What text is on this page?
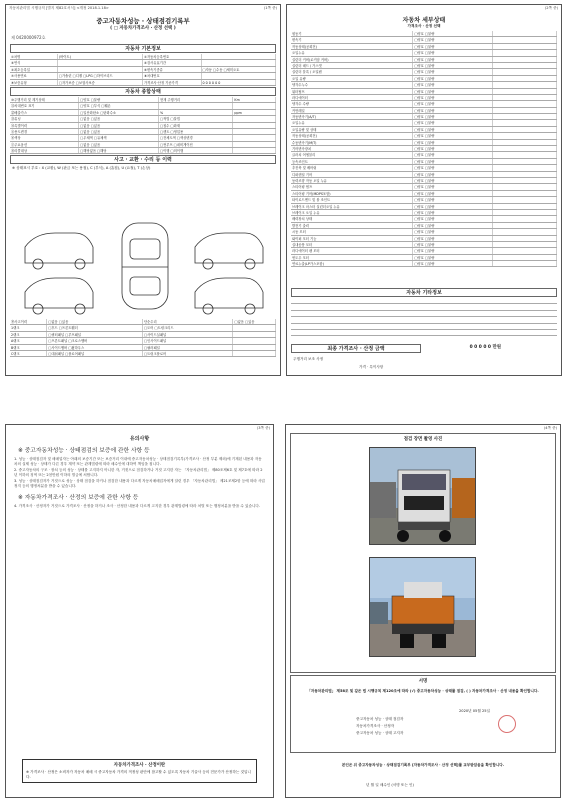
자동차관리법 시행규칙 [별지 제82호서식] <개정 2018.1.18>	(1쪽 중)
중고자동차성능 · 상태점검기록부
( □ 자동차가격조사 · 산정 선택 )
제 0420000972호
자동차 기본정보
①차명	(바이트)	②자동차등록번호
③연식	④검사유효기간
⑤최초등록일	⑥변속기종류	□자동 □수동 □세미오토
⑦사용연료	□가솔린 □디젤 □LPG □하이브리드	⑧차대번호
⑨보증유형	□자가보증 □보험사보증	가격조사·산정 기준가격	0 0 0 0 0 0
자동차 종합상태
⑩주행거리 및 계기상태	□양호 □불량	현재 주행거리	Km
⑪차대번호 표기	□양호 □부식 □훼손
⑫배출가스	□일산화탄소 □탄화수소	%	ppm
⑬튜닝	□없음 □있음	□적법 □불법
⑭특별이력	□없음 □있음	□침수 □화재
⑮용도변경	□없음 □있음	□렌트 □영업용
⑯색상	□무채색 □유채색	□전체도색 □색상변경
⑰주요옵션	□없음 □있음	□썬루프 □네비게이션
⑱리콜대상	□해당없음 □해당	□이행 □미이행
사고 · 교환 · 수리 등 이력
※ 상태표시 부호 : X (교환), W (판금 또는 용접), C (부식), A (흠집), U (요철), T (손상)
⑲사고이력	□없음 □있음	단순수리	□없음 □있음
1랭크	□후드 □프론트휀더	□도어 □트렁크리드
2랭크	□쿼터패널 □루프패널	□사이드실패널
A랭크	□프론트패널 □크로스멤버	□인사이드패널
B랭크	□사이드멤버 □휠하우스	□필러패널
C랭크	□대쉬패널 □플로어패널	□트렁크플로어
(2쪽 중)
자동차 세부상태
가격조사 · 산정 선택
원동기	□양호 □불량
변속기	□양호 □불량
작동상태(공회전)	□양호 □불량
오일누유	□양호 □불량
실린더 커버(로커암 커버)	□양호 □불량
실린더 헤드 / 가스켓	□양호 □불량
실린더 블록 / 오일팬	□양호 □불량
오일 유량	□양호 □불량
냉각수누수	□양호 □불량
워터펌프	□양호 □불량
라디에이터	□양호 □불량
냉각수 수량	□양호 □불량
커먼레일	□양호 □불량
자동변속기(A/T)	□양호 □불량
오일누유	□양호 □불량
오일유량 및 상태	□양호 □불량
작동상태(공회전)	□양호 □불량
수동변속기(M/T)	□양호 □불량
기어변속장치	□양호 □불량
클러치 어셈블리	□양호 □불량
등속조인트	□양호 □불량
추진축 및 베어링	□양호 □불량
디퍼렌셜 기어	□양호 □불량
동력조향 작동 오일 누유	□양호 □불량
스티어링 펌프	□양호 □불량
스티어링 기어(MDPS포함)	□양호 □불량
타이로드엔드 및 볼 조인트	□양호 □불량
브레이크 마스터 실린더오일 누유	□양호 □불량
브레이크 오일 누유	□양호 □불량
배력장치 상태	□양호 □불량
발전기 출력	□양호 □불량
시동 모터	□양호 □불량
와이퍼 모터 기능	□양호 □불량
실내송풍 모터	□양호 □불량
라디에이터 팬 모터	□양호 □불량
윈도우 모터	□양호 □불량
연료누출(LP가스포함)	□양호 □불량
자동차 기타정보
최종 가격조사 · 산정 금액	0 0 0 0 0 만원
주행거리 보조 사정
가격 · 특이사항
(3쪽 중)
유의사항
※ 중고자동차성능 · 상태점검의 보증에 관한 사항 등
1. 성능 · 상태점검자 및 매매업자는 아래의 보증기간 또는 보증거리 이내에 중고자동차성능 · 상태점검기록부(가격조사 · 산정 부분 제외)에 기재된 내용과 자동차의 실제 성능 · 상태가 다른 경우 계약 또는 관계법령에 따라 매수인에 대하여 책임을 집니다.
2. 중고자동차의 구조 · 장치 등의 성능 · 상태를 고지하지 아니한 자, 거짓으로 점검하거나 거짓 고지한 자는 「자동차관리법」 제80조제6호 및 제7호에 따라 2년 이하의 징역 또는 2천만원 이하의 벌금에 처합니다.
3. 성능 · 상태점검자가 거짓으로 성능 · 상태 점검을 하거나 점검한 내용과 다르게 자동차매매업자에게 알린 경우 「자동차관리법」 제21조제2항 등에 따라 사업정지 등의 행정처분을 받을 수 있습니다.
※ 자동차가격조사 · 산정의 보증에 관한 사항 등
4. 가격조사 · 산정자가 거짓으로 가격조사 · 산정을 하거나 조사 · 산정한 내용과 다르게 고지한 경우 관계법령에 따라 처벌 또는 행정처분을 받을 수 있습니다.
자동차가격조사 · 산정이란
※ 가격조사 · 산정은 소비자가 자동차 매매 시 중고자동차 가격의 적정성 판단에 참고할 수 있도록 자동차 기술사 등의 전문가가 산정하는 것입니다.
(4쪽 중)
점검 장면 촬영 사진
서명
「자동차관리법」 제58조 및 같은 법 시행규칙 제120조에 따라 (√) 중고자동차성능 · 상태를 점검, ( ) 자동차가격조사 · 산정 내용을 확인합니다.
2020년 05월 25일
중고자동차 성능 · 상태 점검자
자동차가격조사 · 산정자
중고자동차 성능 · 상태 고지자
본인은 위 중고자동차성능 · 상태점검기록부 [자동차가격조사 · 산정 선택]를 교부받았음을 확인합니다.
년 월 일 매수인 (서명 또는 인)
